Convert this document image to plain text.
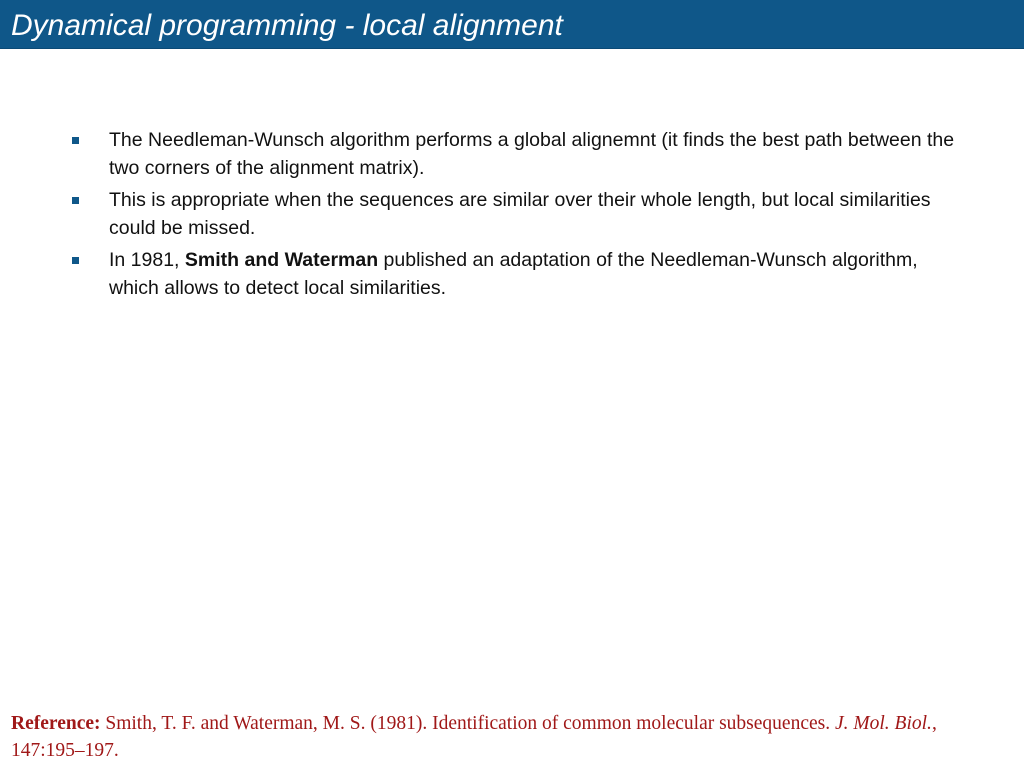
Dynamical programming - local alignment
The Needleman-Wunsch algorithm performs a global alignemnt (it finds the best path between the two corners of the alignment matrix).
This is appropriate when the sequences are similar over their whole length, but local similarities could be missed.
In 1981, Smith and Waterman published an adaptation of the Needleman-Wunsch algorithm, which allows to detect local similarities.

Reference: Smith, T. F. and Waterman, M. S. (1981). Identification of common molecular subsequences. J. Mol. Biol., 147:195–197.
